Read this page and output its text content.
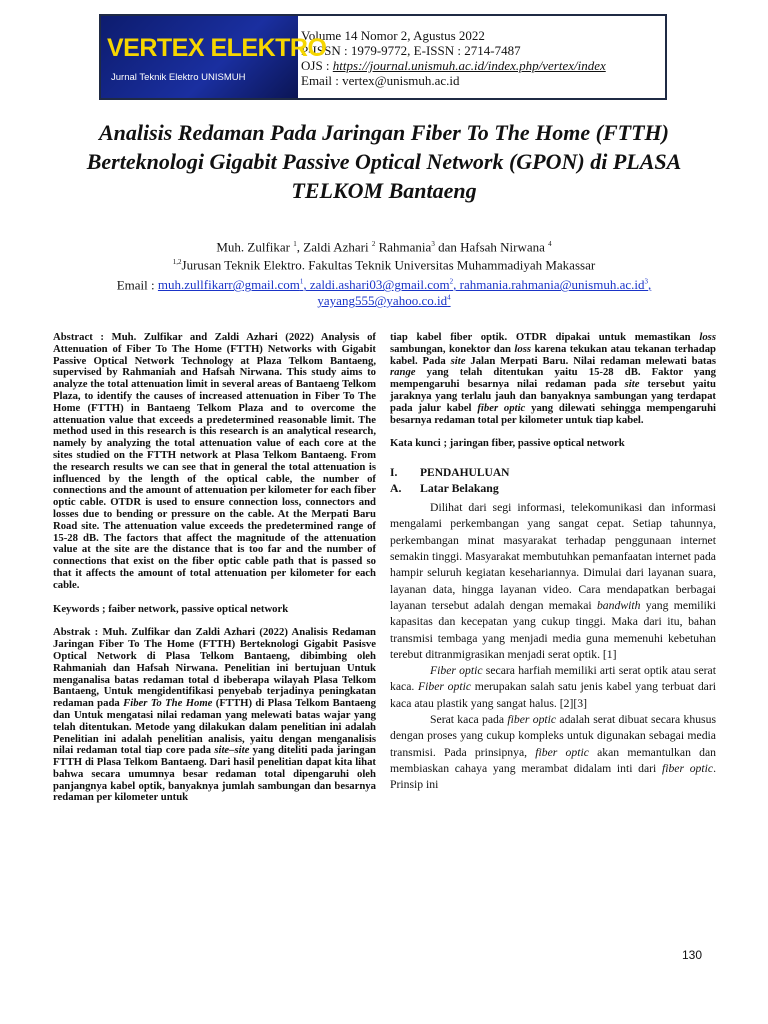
VERTEX ELEKTRO
Jurnal Teknik Elektro UNISMUH
Volume 14 Nomor 2, Agustus 2022
P-ISSN : 1979-9772, E-ISSN : 2714-7487
OJS : https://journal.unismuh.ac.id/index.php/vertex/index
Email : vertex@unismuh.ac.id
Analisis Redaman Pada Jaringan Fiber To The Home (FTTH) Berteknologi Gigabit Passive Optical Network (GPON) di PLASA TELKOM Bantaeng
Muh. Zulfikar $^1$, Zaldi Azhari $^2$ Rahmania$^3$ dan Hafsah Nirwana $^4$
$^{1,2}$Jurusan Teknik Elektro. Fakultas Teknik Universitas Muhammadiyah Makassar
Email : muh.zullfikarr@gmail.com$^1$, zaldi.ashari03@gmail.com$^2$, $rahmania.rahmania@unismuh.ac.id^3$,
$yayang555@yahoo.co.id^4$

Abstract : Muh. Zulfikar and Zaldi Azhari (2022) Analysis of Attenuation of Fiber To The Home (FTTH) Networks with Gigabit Passive Optical Network Technology at Plaza Telkom Bantaeng, supervised by Rahmaniah and Hafsah Nirwana. This study aims to analyze the total attenuation limit in several areas of Bantaeng Telkom Plaza, to identify the causes of increased attenuation in Fiber To The Home (FTTH) in Bantaeng Telkom Plaza and to overcome the attenuation value that exceeds a predetermined reasonable limit. The method used in this research is this research is an analytical research, namely by analyzing the total attenuation value of each core at the sites studied on the FTTH network at Plasa Telkom Bantaeng. From the research results we can see that in general the total attenuation is influenced by the length of the optical cable, the number of connections and the amount of attenuation per kilometer for each fiber optic cable. OTDR is used to ensure connection loss, connectors and losses due to bending or pressure on the cable. At the Merpati Baru Road site. The attenuation value exceeds the predetermined range of 15-28 dB. The factors that affect the magnitude of the attenuation value at the site are the distance that is too far and the number of connections that exist on the fiber optic cable path that is passed so that it affects the amount of total attenuation per kilometer for each cable.

Keywords ; faiber network, passive optical network

Abstrak : Muh. Zulfikar dan Zaldi Azhari (2022) Analisis Redaman Jaringan Fiber To The Home (FTTH) Berteknologi Gigabit Pasisve Optical Network di Plasa Telkom Bantaeng, dibimbing oleh Rahmaniah dan Hafsah Nirwana. Penelitian ini bertujuan Untuk menganalisa batas redaman total d ibeberapa wilayah Plasa Telkom Bantaeng, Untuk mengidentifikasi penyebab terjadinya peningkatan redaman pada Fiber To The Home (FTTH) di Plasa Telkom Bantaeng dan Untuk mengatasi nilai redaman yang melewati batas wajar yang telah ditentukan. Metode yang dilakukan dalam penelitian ini adalah Penelitian ini adalah penelitian analisis, yaitu dengan menganalisis nilai redaman total tiap core pada site–site yang diteliti pada jaringan FTTH di Plasa Telkom Bantaeng. Dari hasil penelitian dapat kita lihat bahwa secara umumnya besar redaman total dipengaruhi oleh panjangnya kabel optik, banyaknya jumlah sambungan dan besarnya redaman per kilometer untuk

tiap kabel fiber optik. OTDR dipakai untuk memastikan loss sambungan, konektor dan loss karena tekukan atau tekanan terhadap kabel. Pada site Jalan Merpati Baru. Nilai redaman melewati batas range yang telah ditentukan yaitu 15-28 dB. Faktor yang mempengaruhi besarnya nilai redaman pada site tersebut yaitu jaraknya yang terlalu jauh dan banyaknya sambungan yang terdapat pada jalur kabel fiber optic yang dilewati sehingga mempengaruhi besarnya redaman total per kilometer untuk tiap kabel.

Kata kunci ; jaringan fiber, passive optical network

I.	PENDAHULUAN
A.	Latar Belakang

Dilihat dari segi informasi, telekomunikasi dan informasi mengalami perkembangan yang sangat cepat. Setiap tahunnya, perkembangan minat masyarakat terhadap penggunaan internet semakin tinggi. Masyarakat membutuhkan pemanfaatan internet pada hampir seluruh kegiatan kesehariannya. Dimulai dari layanan suara, layanan data, hingga layanan video. Cara mendapatkan berbagai layanan tersebut adalah dengan memakai bandwith yang memiliki kapasitas dan kecepatan yang cukup tinggi. Maka dari itu, bahan transmisi tembaga yang menjadi media guna memenuhi kebetuhan terebut ditranmigrasikan menjadi serat optik. [1]

Fiber optic secara harfiah memiliki arti serat optik atau serat kaca. Fiber optic merupakan salah satu jenis kabel yang terbuat dari kaca atau plastik yang sangat halus. [2][3]

Serat kaca pada fiber optic adalah serat dibuat secara khusus dengan proses yang cukup kompleks untuk digunakan sebagai media transmisi. Pada prinsipnya, fiber optic akan memantulkan dan membiaskan cahaya yang merambat didalam inti dari fiber optic. Prinsip ini

130
